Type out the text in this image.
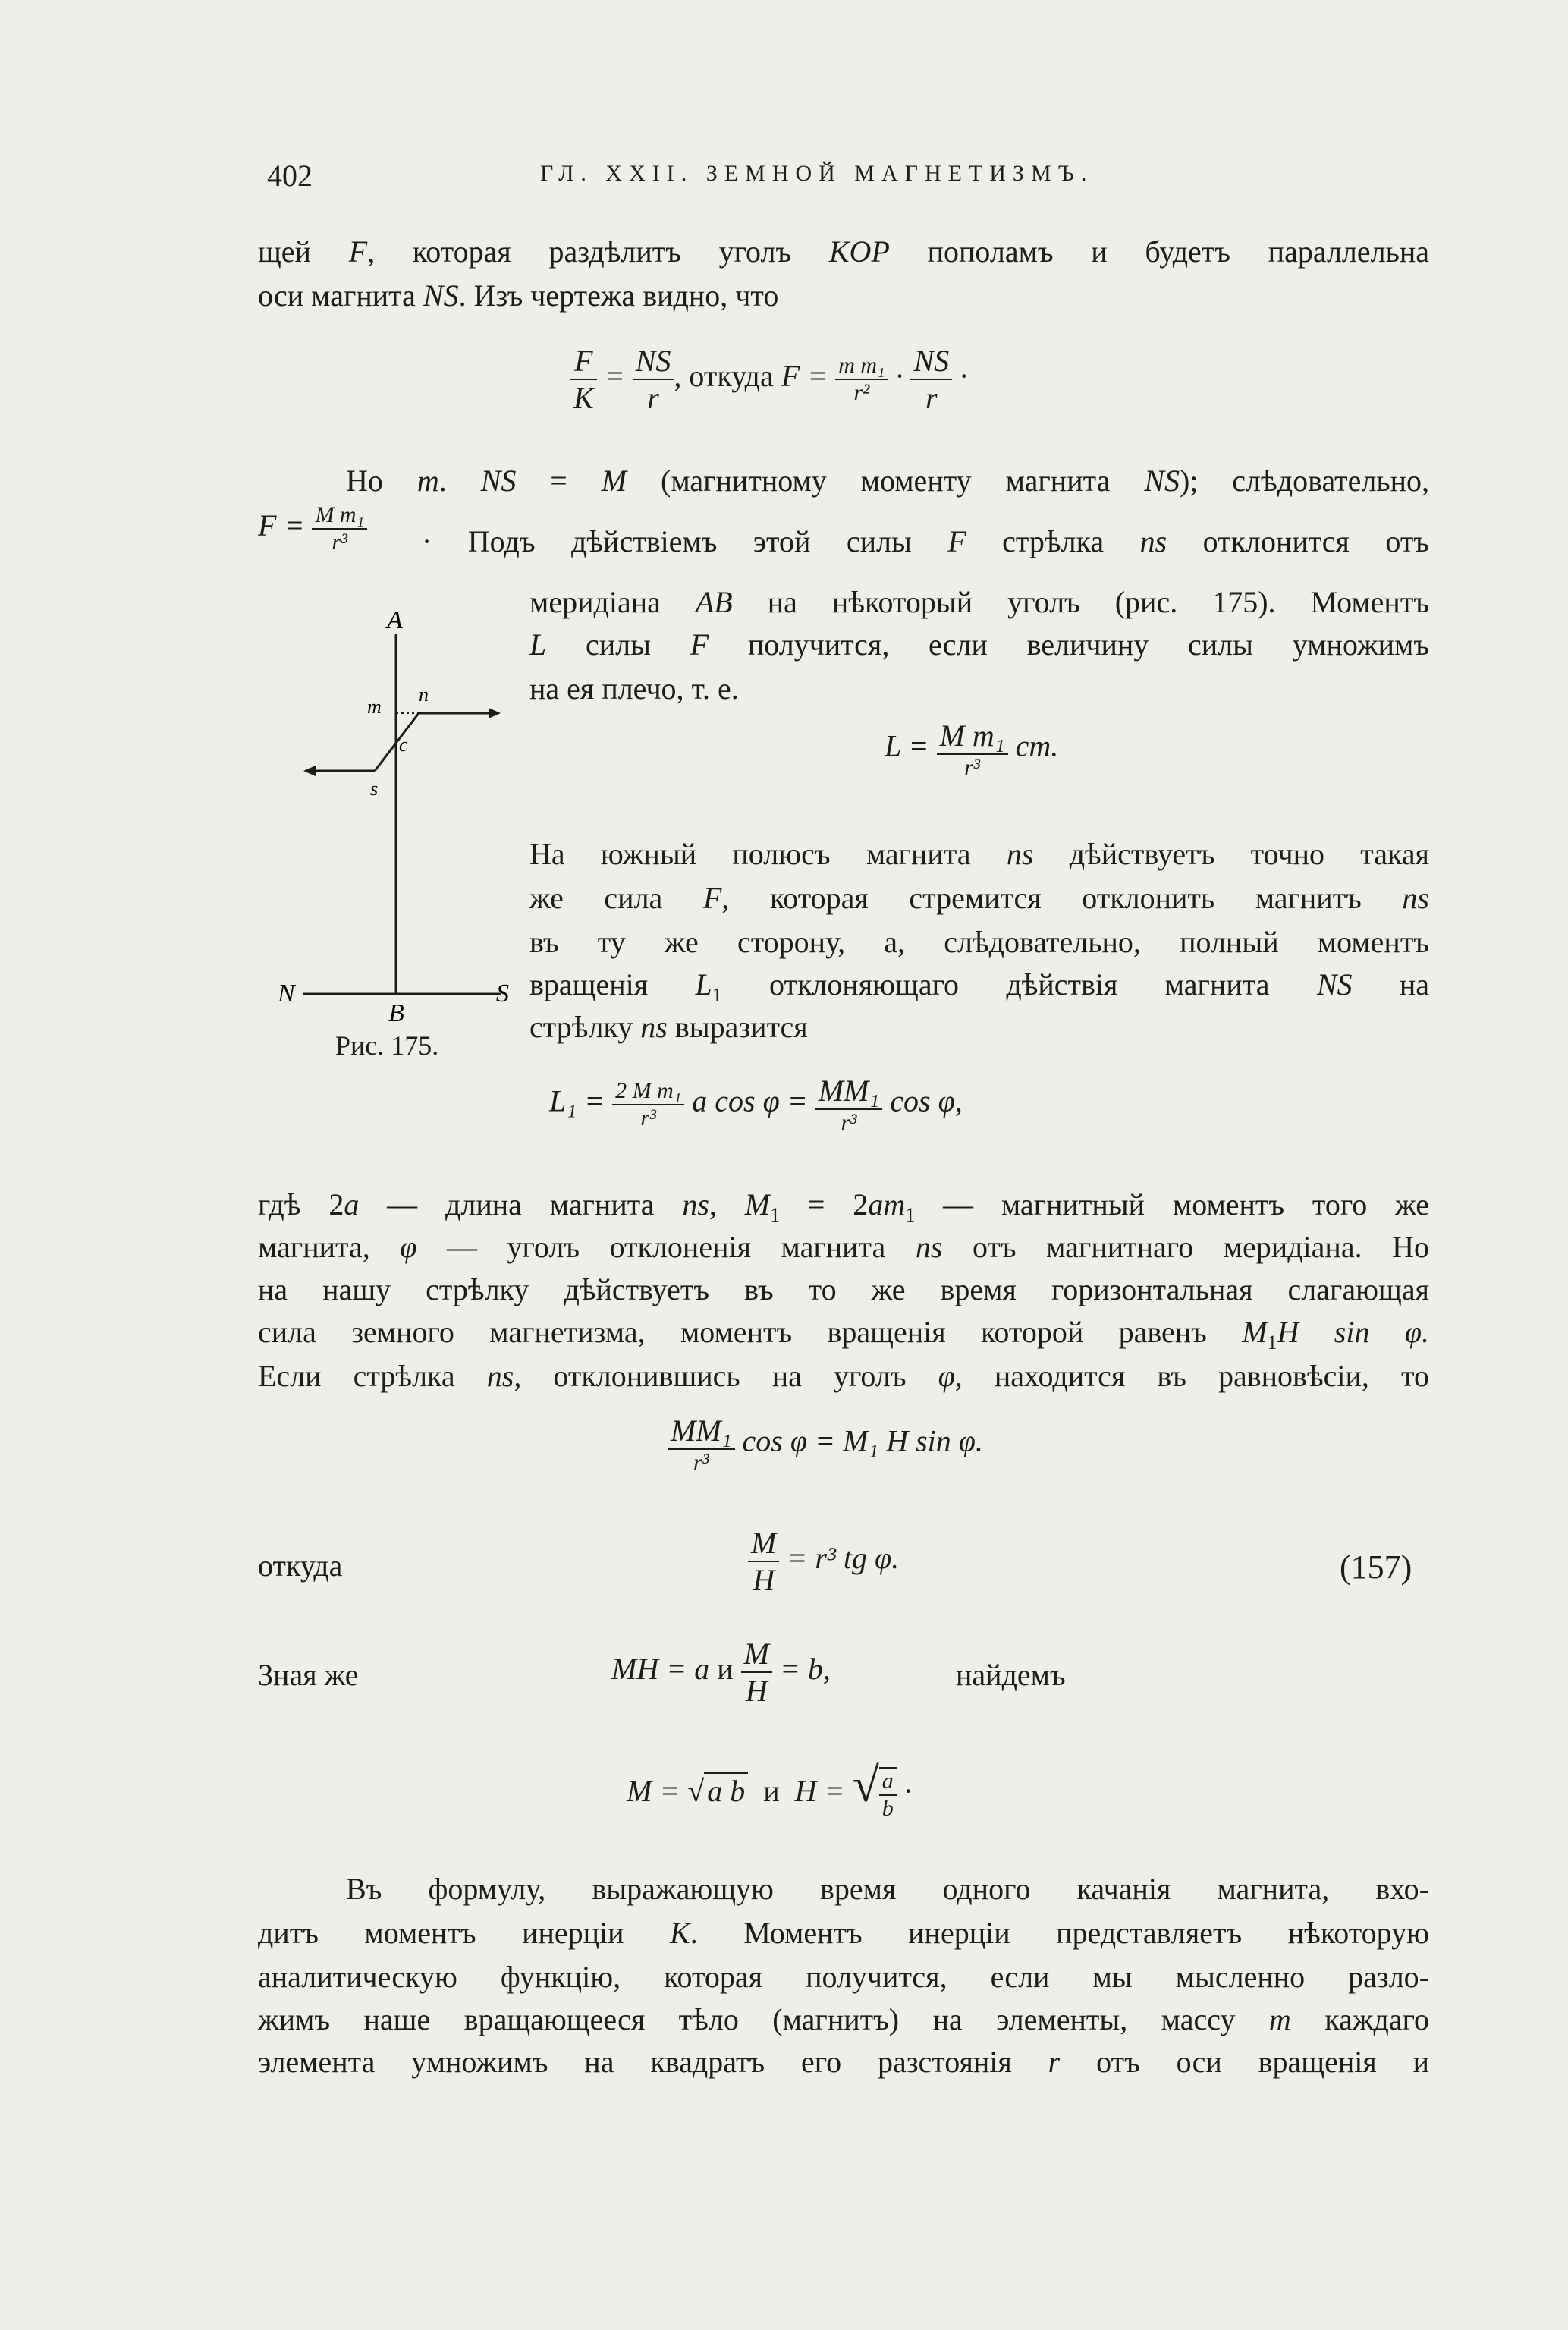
402	ГЛ. XXII. ЗЕМНОЙ МАГНЕТИЗМЪ.
щей F, которая раздѣлитъ уголъ KOP пополамъ и будетъ параллельна
оси магнита NS. Изъ чертежа видно, что
$\frac{F}{K} = \frac{NS}{r}$ , откуда $F = \frac{\text{m m₁}}{\text{r²}} \cdot \frac{NS}{r}$ ·
Но m. NS = M (магнитному моменту магнита NS); слѣдовательно,
$F = \frac{\text{M m₁}}{\text{r³}}$ · Подъ дѣйствіемъ этой силы F стрѣлка ns отклонится отъ
A
m
n
c
s
N
B
S
Рис. 175.
меридіана AB на нѣкоторый уголъ (рис. 175). Моментъ
L силы F получится, если величину силы умножимъ
на ея плечо, т. е.
$L = \frac{\text{M m₁}}{\text{r³}}$ cm.
На южный полюсъ магнита ns дѣйствуетъ точно такая
же сила F, которая стремится отклонить магнитъ ns
въ ту же сторону, а, слѣдовательно, полный моментъ
вращенія $L_1$ отклоняющаго дѣйствія магнита NS на
стрѣлку ns выразится
$L_1 = \frac{\text{2 M m₁}}{\text{r³}}$ a $\cos \varphi = \frac{\text{MM₁}}{\text{r³}}$ cos φ,
гдѣ 2a — длина магнита ns, $M_1 = 2am_1$ — магнитный моментъ того же
магнита, φ — уголъ отклоненія магнита ns отъ магнитнаго меридіана. Но
на нашу стрѣлку дѣйствуетъ въ то же время горизонтальная слагающая
сила земного магнетизма, моментъ вращенія которой равенъ $M_1H$ sin φ.
Если стрѣлка ns, отклонившись на уголъ φ, находится въ равновѣсіи, то
$\frac{\text{MM₁}}{\text{r³}}$ cos φ = M₁ H sin φ.
откуда	$\frac{M}{H} = r^3$ tg φ.	(157)
Зная же	MH = a и $\frac{M}{H} = b$,	найдемъ
M = √ a b и H = √ $\frac{a}{b}$ ·
Въ формулу, выражающую время одного качанія магнита, вхо-
дитъ моментъ инерціи K. Моментъ инерціи представляетъ нѣкоторую
аналитическую функцію, которая получится, если мы мысленно разло-
жимъ наше вращающееся тѣло (магнитъ) на элементы, массу m каждаго
элемента умножимъ на квадратъ его разстоянія r отъ оси вращенія и
